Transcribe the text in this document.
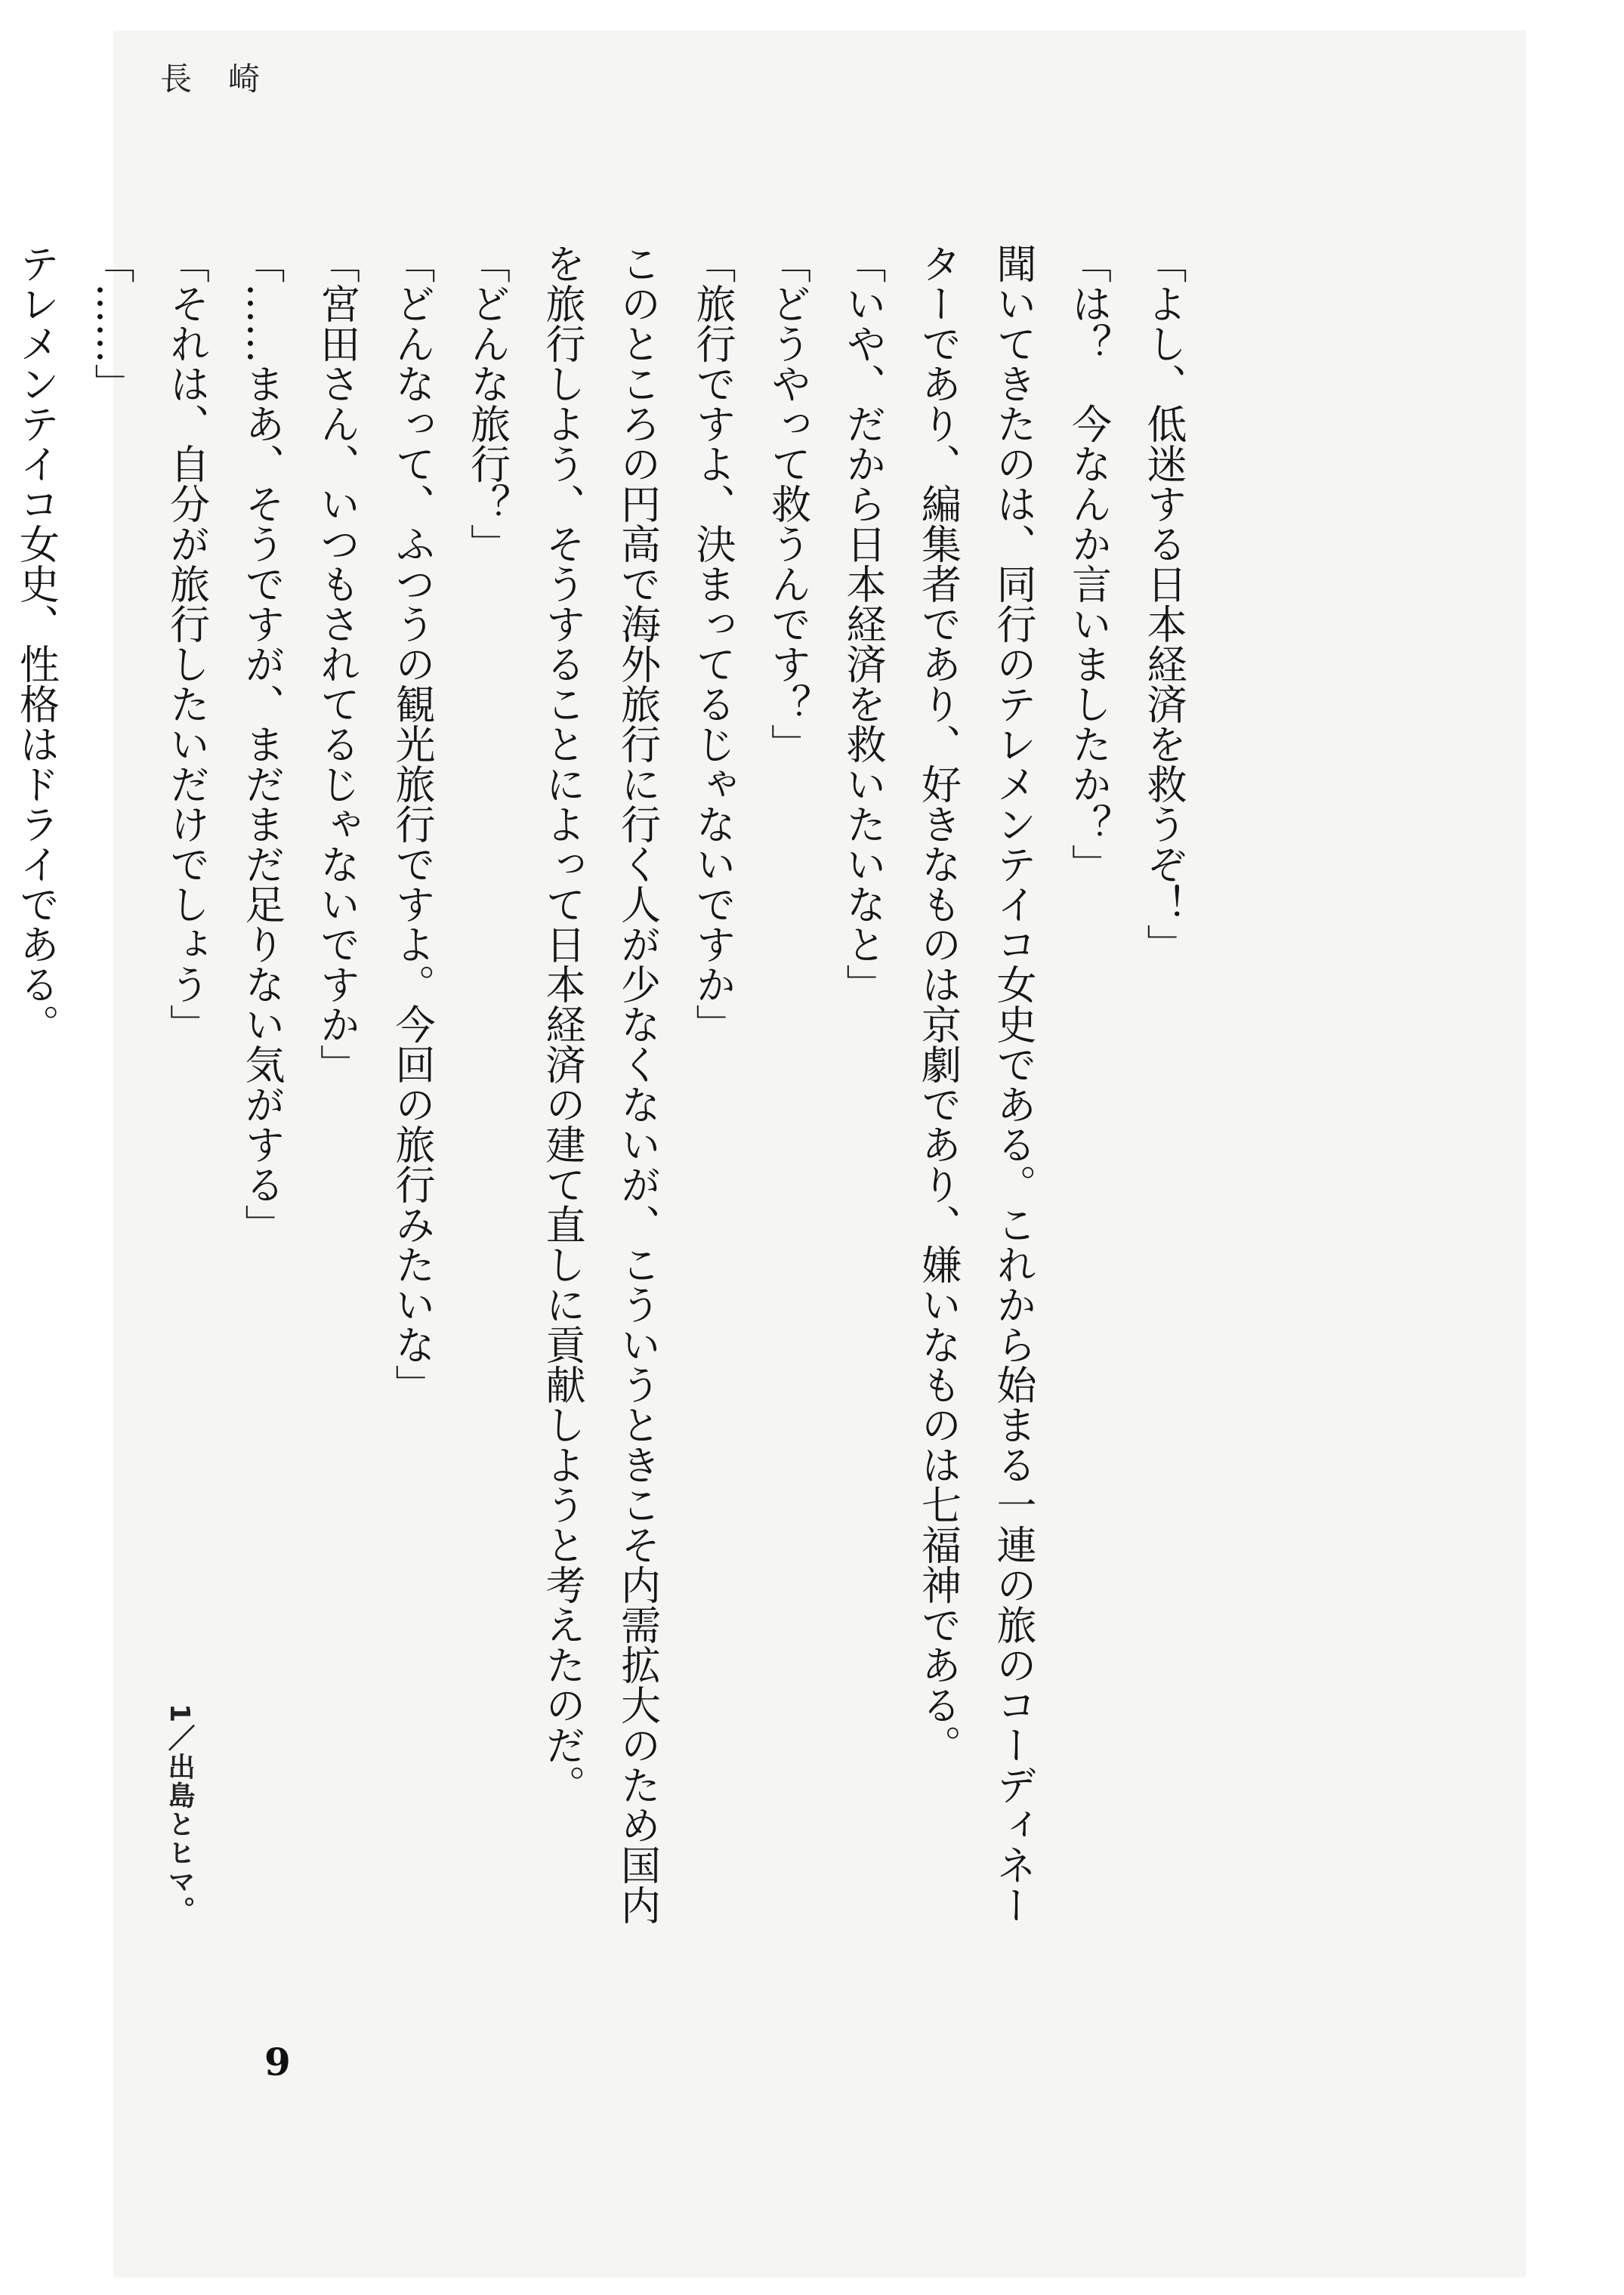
長崎
「よし、低迷する日本経済を救うぞ！」
「は？　今なんか言いましたか？」
聞いてきたのは、同行のテレメンテイコ女史である。これから始まる一連の旅のコーディネー
ターであり、編集者であり、好きなものは京劇であり、嫌いなものは七福神である。
「いや、だから日本経済を救いたいなと」
「どうやって救うんです？」
「旅行ですよ、決まってるじゃないですか」
このところの円高で海外旅行に行く人が少なくないが、こういうときこそ内需拡大のため国内
を旅行しよう、そうすることによって日本経済の建て直しに貢献しようと考えたのだ。
「どんな旅行？」
「どんなって、ふつうの観光旅行ですよ。今回の旅行みたいな」
「宮田さん、いつもされてるじゃないですか」
「……まあ、そうですが、まだまだ足りない気がする」
「それは、自分が旅行したいだけでしょう」
「……」
テレメンテイコ女史、性格はドライである。
1／出島とヒマ。
9
